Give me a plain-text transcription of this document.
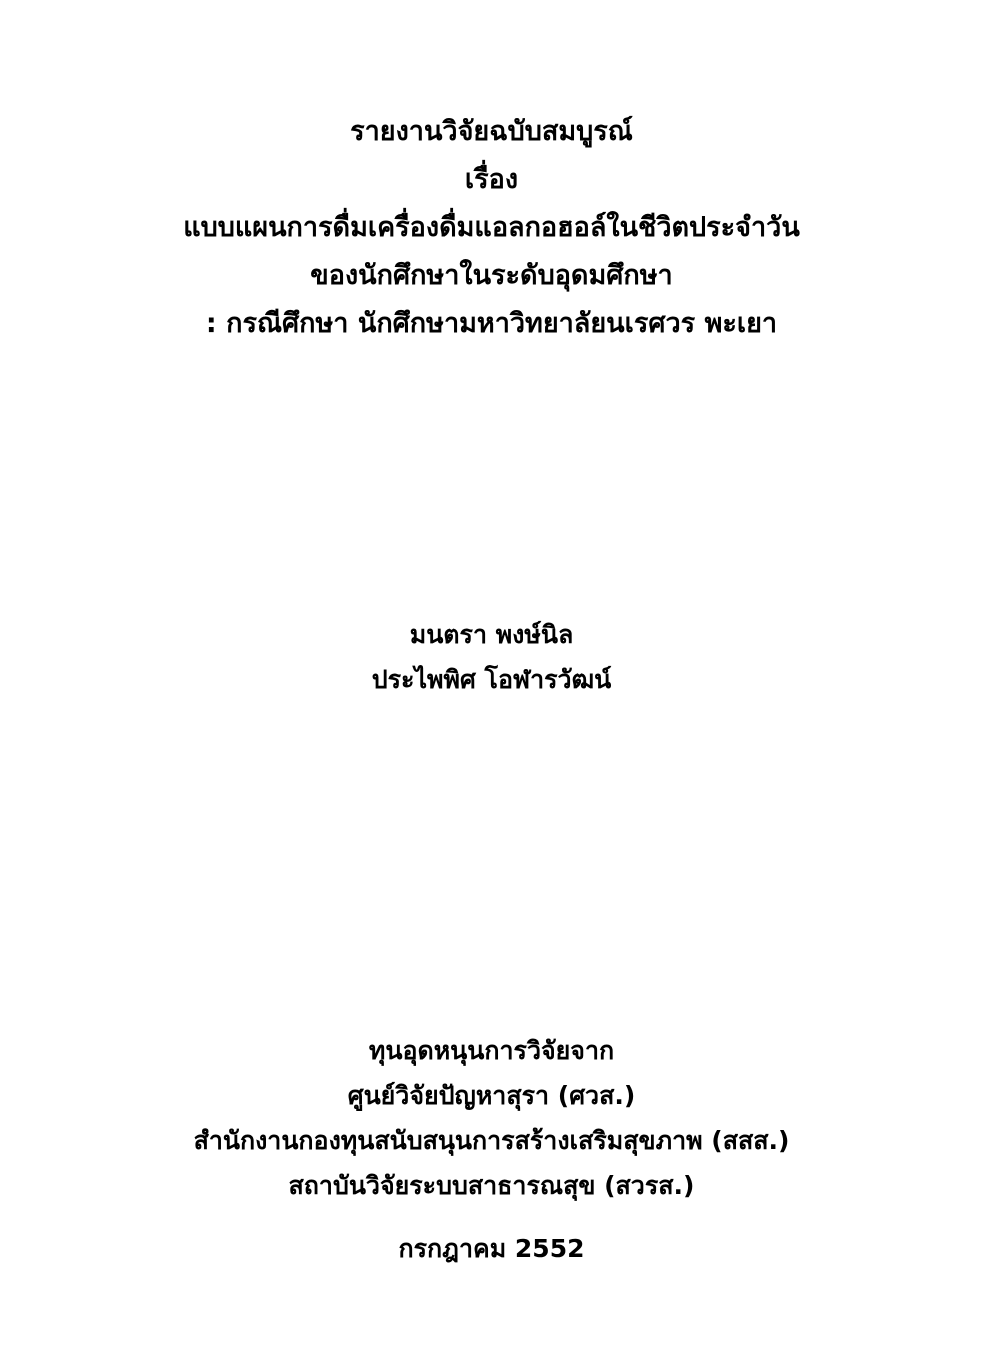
รายงานวิจัยฉบับสมบูรณ์
เรื่อง
แบบแผนการดื่มเครื่องดื่มแอลกอฮอล์ในชีวิตประจำวัน
ของนักศึกษาในระดับอุดมศึกษา
: กรณีศึกษา นักศึกษามหาวิทยาลัยนเรศวร พะเยา
มนตรา พงษ์นิล
ประไพพิศ โอฬารวัฒน์
ทุนอุดหนุนการวิจัยจาก
ศูนย์วิจัยปัญหาสุรา (ศวส.)
สำนักงานกองทุนสนับสนุนการสร้างเสริมสุขภาพ (สสส.)
สถาบันวิจัยระบบสาธารณสุข (สวรส.)
กรกฎาคม 2552
